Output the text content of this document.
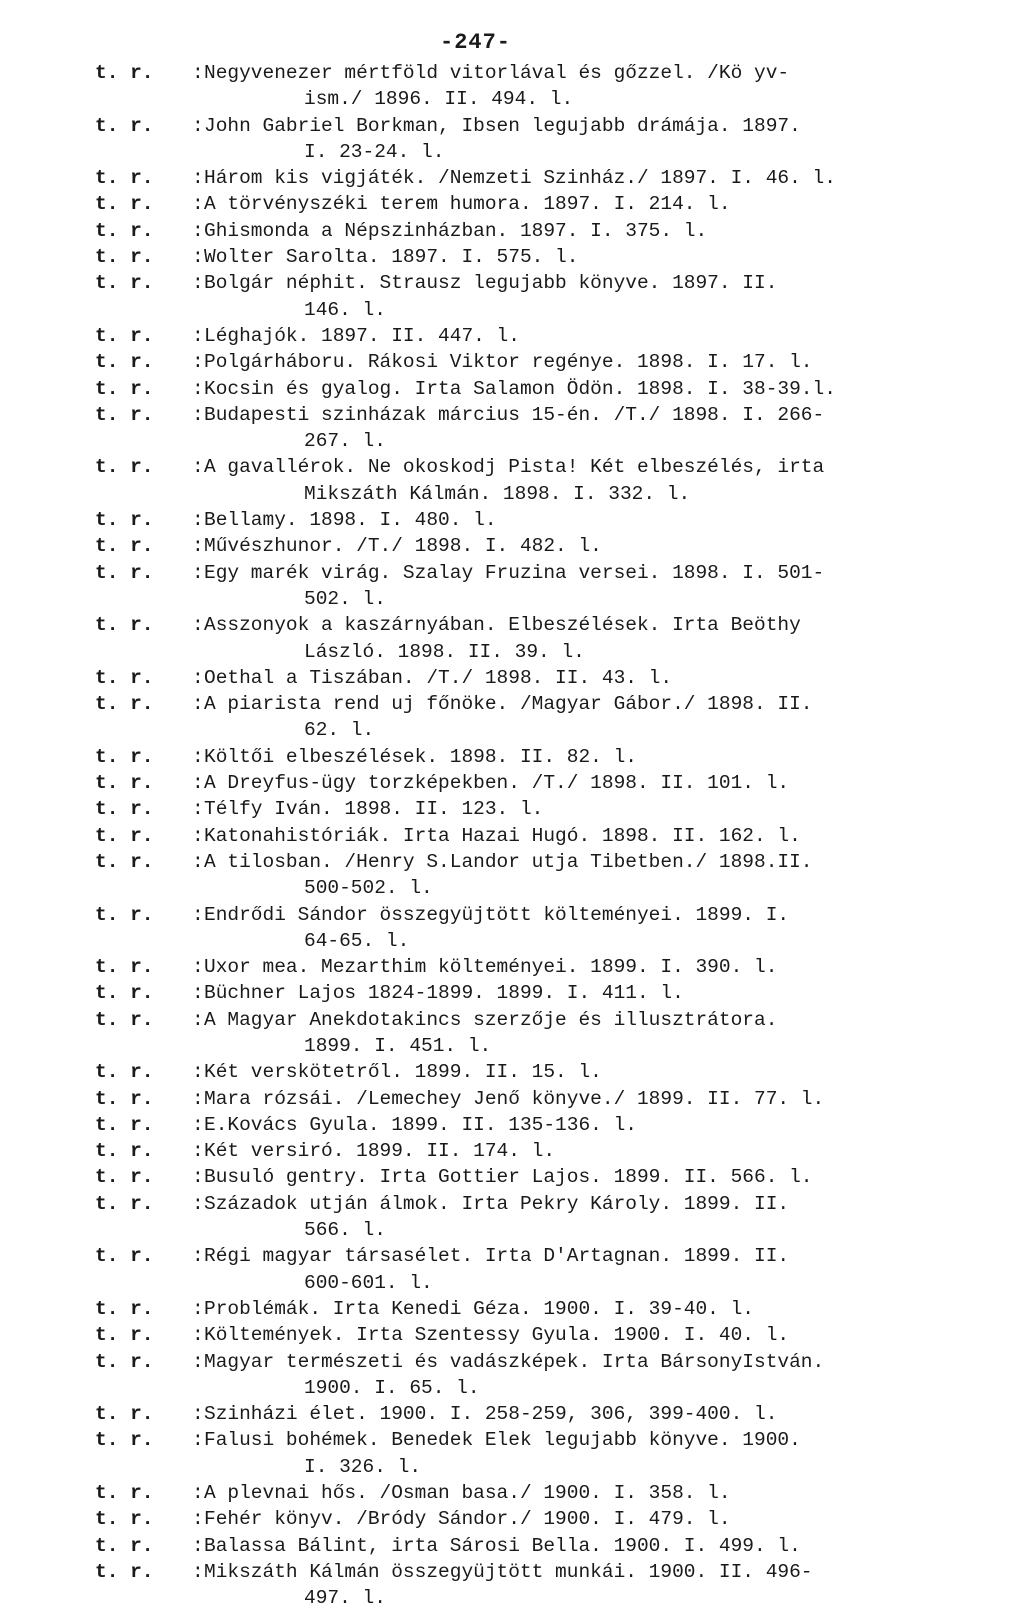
-247-
t. r.	: Negyvenezer mértföld vitorlával és gőzzel. /Kö yv-
ism./ 1896. II. 494. l.
t. r.	: John Gabriel Borkman, Ibsen legujabb drámája. 1897.
I. 23-24. l.
t. r.	: Három kis vigjáték. /Nemzeti Szinház./ 1897. I. 46. l.
t. r.	: A törvényszéki terem humora. 1897. I. 214. l.
t. r.	: Ghismonda a Népszinházban. 1897. I. 375. l.
t. r.	: Wolter Sarolta. 1897. I. 575. l.
t. r.	: Bolgár néphit. Strausz legujabb könyve. 1897. II.
146. l.
t. r.	: Léghajók. 1897. II. 447. l.
t. r.	: Polgárháboru. Rákosi Viktor regénye. 1898. I. 17. l.
t. r.	: Kocsin és gyalog. Irta Salamon Ödön. 1898. I. 38-39.l.
t. r.	: Budapesti szinházak március 15-én. /T./ 1898. I. 266-
267. l.
t. r.	: A gavallérok. Ne okoskodj Pista! Két elbeszélés, irta
Mikszáth Kálmán. 1898. I. 332. l.
t. r.	: Bellamy. 1898. I. 480. l.
t. r.	: Művészhunor. /T./ 1898. I. 482. l.
t. r.	: Egy marék virág. Szalay Fruzina versei. 1898. I. 501-
502. l.
t. r.	: Asszonyok a kaszárnyában. Elbeszélések. Irta Beöthy
László. 1898. II. 39. l.
t. r.	: Oethal a Tiszában. /T./ 1898. II. 43. l.
t. r.	: A piarista rend uj főnöke. /Magyar Gábor./ 1898. II.
62. l.
t. r.	: Költői elbeszélések. 1898. II. 82. l.
t. r.	: A Dreyfus-ügy torzképekben. /T./ 1898. II. 101. l.
t. r.	: Télfy Iván. 1898. II. 123. l.
t. r.	: Katonahistóriák. Irta Hazai Hugó. 1898. II. 162. l.
t. r.	: A tilosban. /Henry S.Landor utja Tibetben./ 1898.II.
500-502. l.
t. r.	: Endrődi Sándor összegyüjtött költeményei. 1899. I.
64-65. l.
t. r.	: Uxor mea. Mezarthim költeményei. 1899. I. 390. l.
t. r.	: Büchner Lajos 1824-1899. 1899. I. 411. l.
t. r.	: A Magyar Anekdotakincs szerzője és illusztrátora.
1899. I. 451. l.
t. r.	: Két verskötetről. 1899. II. 15. l.
t. r.	: Mara rózsái. /Lemechey Jenő könyve./ 1899. II. 77. l.
t. r.	: E.Kovács Gyula. 1899. II. 135-136. l.
t. r.	: Két versiró. 1899. II. 174. l.
t. r.	: Busuló gentry. Irta Gottier Lajos. 1899. II. 566. l.
t. r.	: Századok utján álmok. Irta Pekry Károly. 1899. II.
566. l.
t. r.	: Régi magyar társasélet. Irta D'Artagnan. 1899. II.
600-601. l.
t. r.	: Problémák. Irta Kenedi Géza. 1900. I. 39-40. l.
t. r.	: Költemények. Irta Szentessy Gyula. 1900. I. 40. l.
t. r.	: Magyar természeti és vadászképek. Irta BársonyIstván.
1900. I. 65. l.
t. r.	: Szinházi élet. 1900. I. 258-259, 306, 399-400. l.
t. r.	: Falusi bohémek. Benedek Elek legujabb könyve. 1900.
I. 326. l.
t. r.	: A plevnai hős. /Osman basa./ 1900. I. 358. l.
t. r.	: Fehér könyv. /Bródy Sándor./ 1900. I. 479. l.
t. r.	: Balassa Bálint, irta Sárosi Bella. 1900. I. 499. l.
t. r.	: Mikszáth Kálmán összegyüjtött munkái. 1900. II. 496-
497. l.
